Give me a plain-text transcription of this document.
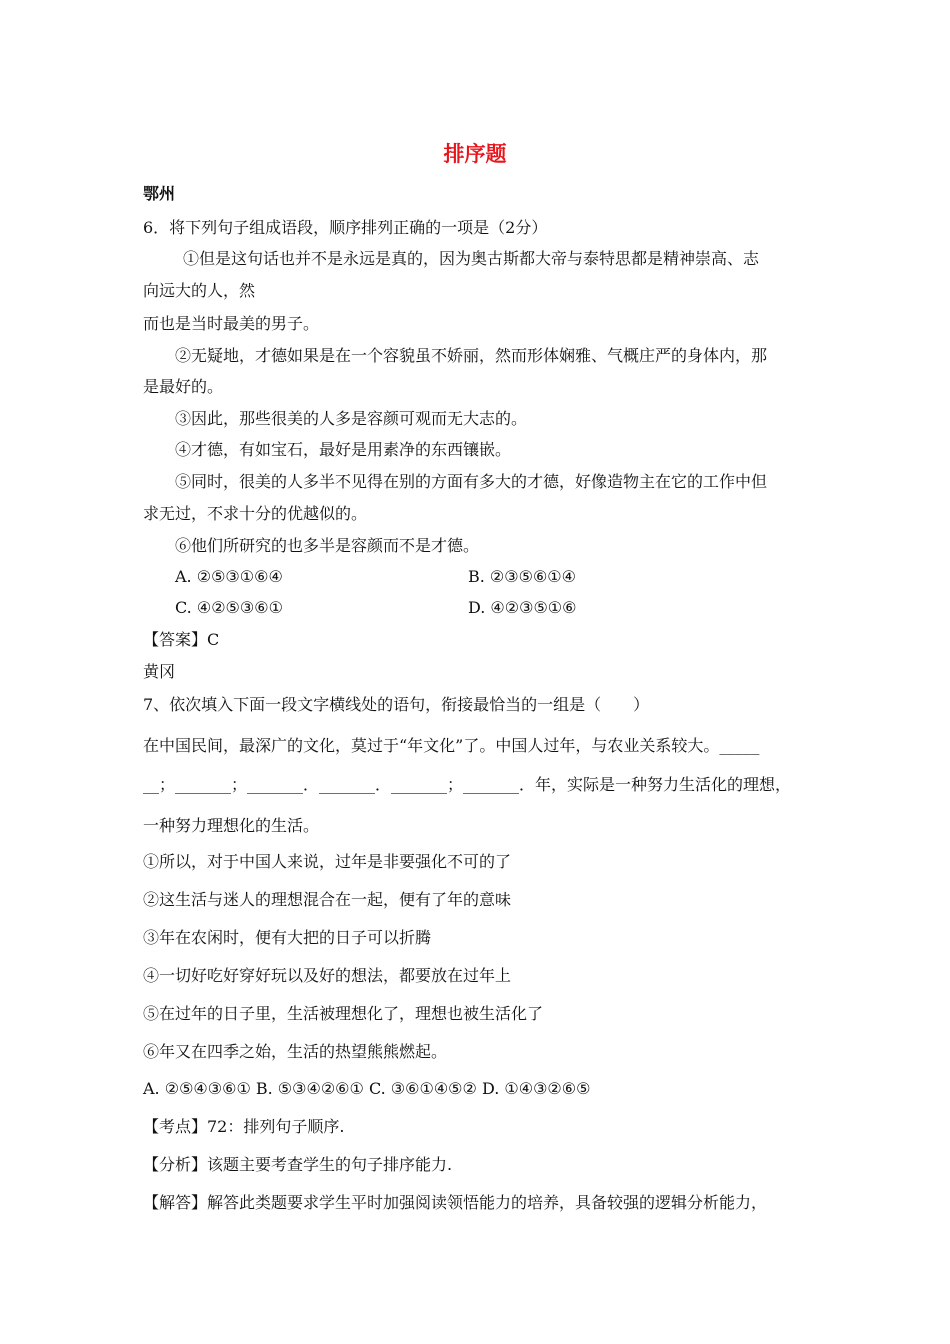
排序题
鄂州
6．将下列句子组成语段，顺序排列正确的一项是（2分）
①但是这句话也并不是永远是真的，因为奥古斯都大帝与泰特思都是精神崇高、志
向远大的人，然
而也是当时最美的男子。
②无疑地，才德如果是在一个容貌虽不娇丽，然而形体娴雅、气概庄严的身体内，那
是最好的。
③因此，那些很美的人多是容颜可观而无大志的。
④才德，有如宝石，最好是用素净的东西镶嵌。
⑤同时，很美的人多半不见得在别的方面有多大的才德，好像造物主在它的工作中但
求无过，不求十分的优越似的。
⑥他们所研究的也多半是容颜而不是才德。
A. ②⑤③①⑥④	B. ②③⑤⑥①④
C. ④②⑤③⑥①	D. ④②③⑤①⑥
【答案】C
黄冈
7、依次填入下面一段文字横线处的语句，衔接最恰当的一组是（　　）
在中国民间，最深广的文化，莫过于“年文化”了。中国人过年，与农业关系较大。_____
__；_______；_______．_______．_______；_______．年，实际是一种努力生活化的理想，
一种努力理想化的生活。
①所以，对于中国人来说，过年是非要强化不可的了
②这生活与迷人的理想混合在一起，便有了年的意味
③年在农闲时，便有大把的日子可以折腾
④一切好吃好穿好玩以及好的想法，都要放在过年上
⑤在过年的日子里，生活被理想化了，理想也被生活化了
⑥年又在四季之始，生活的热望熊熊燃起。
A. ②⑤④③⑥① B. ⑤③④②⑥① C. ③⑥①④⑤② D. ①④③②⑥⑤
【考点】72：排列句子顺序.
【分析】该题主要考查学生的句子排序能力.
【解答】解答此类题要求学生平时加强阅读领悟能力的培养，具备较强的逻辑分析能力，
